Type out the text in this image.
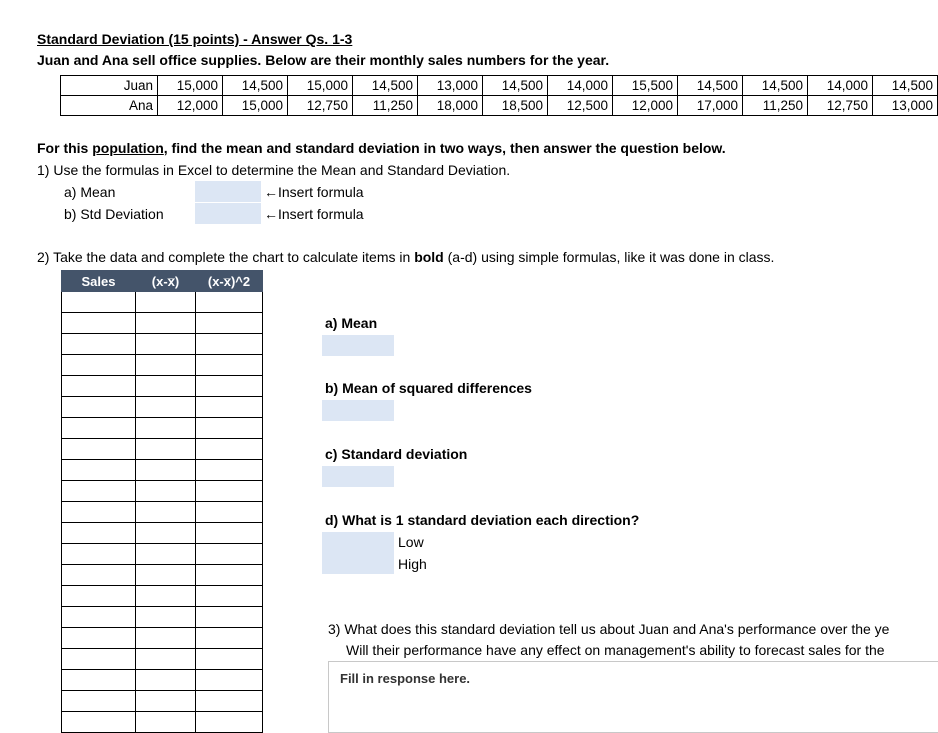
Standard Deviation (15 points) - Answer Qs. 1-3
Juan and Ana sell office supplies. Below are their monthly sales numbers for the year.
Juan	15,000	14,500	15,000	14,500	13,000	14,500	14,000	15,500	14,500	14,500	14,000	14,500
Ana	12,000	15,000	12,750	11,250	18,000	18,500	12,500	12,000	17,000	11,250	12,750	13,000
For this population, find the mean and standard deviation in two ways, then answer the question below.
1) Use the formulas in Excel to determine the Mean and Standard Deviation.
a) Mean	←Insert formula
b) Std Deviation	←Insert formula
2) Take the data and complete the chart to calculate items in bold (a-d) using simple formulas, like it was done in class.
Sales	(x-x̅)	(x-x̅)^2

a) Mean
b) Mean of squared differences
c) Standard deviation
d) What is 1 standard deviation each direction?
Low
High
3) What does this standard deviation tell us about Juan and Ana's performance over the ye
Will their performance have any effect on management's ability to forecast sales for the
Fill in response here.
